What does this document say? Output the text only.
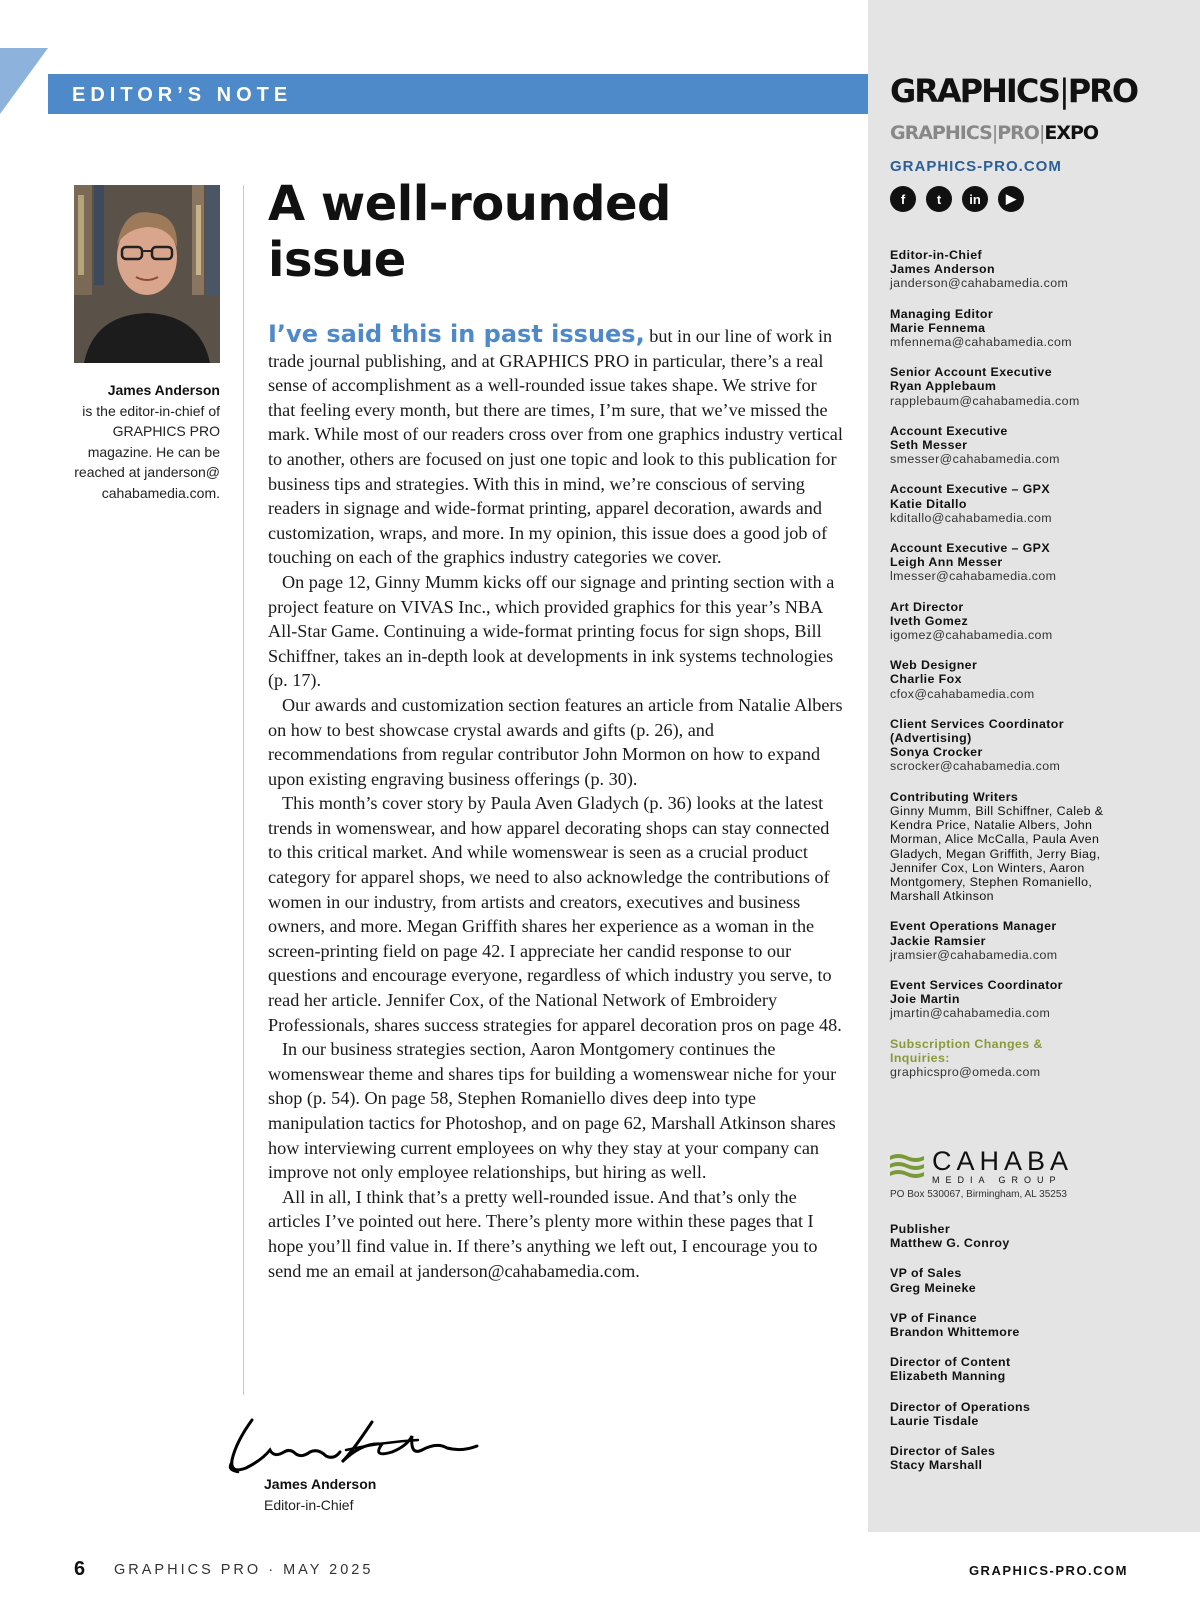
EDITOR’S NOTE
James Anderson
is the editor-in-chief of GRAPHICS PRO magazine. He can be reached at janderson@ cahabamedia.com.
A well-rounded
issue

I’ve said this in past issues, but in our line of work in trade journal publishing, and at GRAPHICS PRO in particular, there’s a real sense of accomplishment as a well-rounded issue takes shape. We strive for that feeling every month, but there are times, I’m sure, that we’ve missed the mark. While most of our readers cross over from one graphics industry vertical to another, others are focused on just one topic and look to this publication for business tips and strategies. With this in mind, we’re conscious of serving readers in signage and wide-format printing, apparel decoration, awards and customization, wraps, and more. In my opinion, this issue does a good job of touching on each of the graphics industry categories we cover.

On page 12, Ginny Mumm kicks off our signage and printing section with a project feature on VIVAS Inc., which provided graphics for this year’s NBA All-Star Game. Continuing a wide-format printing focus for sign shops, Bill Schiffner, takes an in-depth look at developments in ink systems technologies (p. 17).

Our awards and customization section features an article from Natalie Albers on how to best showcase crystal awards and gifts (p. 26), and recommendations from regular contributor John Mormon on how to expand upon existing engraving business offerings (p. 30).

This month’s cover story by Paula Aven Gladych (p. 36) looks at the latest trends in womenswear, and how apparel decorating shops can stay connected to this critical market. And while womenswear is seen as a crucial product category for apparel shops, we need to also acknowledge the contributions of women in our industry, from artists and creators, executives and business owners, and more. Megan Griffith shares her experience as a woman in the screen-printing field on page 42. I appreciate her candid response to our questions and encourage everyone, regardless of which industry you serve, to read her article. Jennifer Cox, of the National Network of Embroidery Professionals, shares success strategies for apparel decoration pros on page 48.

In our business strategies section, Aaron Montgomery continues the womenswear theme and shares tips for building a womenswear niche for your shop (p. 54). On page 58, Stephen Romaniello dives deep into type manipulation tactics for Photoshop, and on page 62, Marshall Atkinson shares how interviewing current employees on why they stay at your company can improve not only employee relationships, but hiring as well.

All in all, I think that’s a pretty well-rounded issue. And that’s only the articles I’ve pointed out here. There’s plenty more within these pages that I hope you’ll find value in. If there’s anything we left out, I encourage you to send me an email at janderson@cahabamedia.com.

James Anderson
Editor-in-Chief
6 GRAPHICS PRO · MAY 2025	GRAPHICS-PRO.COM
GRAPHICS|PRO
GRAPHICS|PRO|EXPO
GRAPHICS-PRO.COM
f	t	in	▶
Editor-in-Chief
James Anderson
janderson@cahabamedia.com
Managing Editor
Marie Fennema
mfennema@cahabamedia.com
Senior Account Executive
Ryan Applebaum
rapplebaum@cahabamedia.com
Account Executive
Seth Messer
smesser@cahabamedia.com
Account Executive – GPX
Katie Ditallo
kditallo@cahabamedia.com
Account Executive – GPX
Leigh Ann Messer
lmesser@cahabamedia.com
Art Director
Iveth Gomez
igomez@cahabamedia.com
Web Designer
Charlie Fox
cfox@cahabamedia.com
Client Services Coordinator (Advertising)
Sonya Crocker
scrocker@cahabamedia.com
Contributing Writers
Ginny Mumm, Bill Schiffner, Caleb & Kendra Price, Natalie Albers, John Morman, Alice McCalla, Paula Aven Gladych, Megan Griffith, Jerry Biag, Jennifer Cox, Lon Winters, Aaron Montgomery, Stephen Romaniello, Marshall Atkinson
Event Operations Manager
Jackie Ramsier
jramsier@cahabamedia.com
Event Services Coordinator
Joie Martin
jmartin@cahabamedia.com
Subscription Changes & Inquiries:
graphicspro@omeda.com
CAHABA
MEDIA GROUP
PO Box 530067, Birmingham, AL 35253
Publisher
Matthew G. Conroy
VP of Sales
Greg Meineke
VP of Finance
Brandon Whittemore
Director of Content
Elizabeth Manning
Director of Operations
Laurie Tisdale
Director of Sales
Stacy Marshall
